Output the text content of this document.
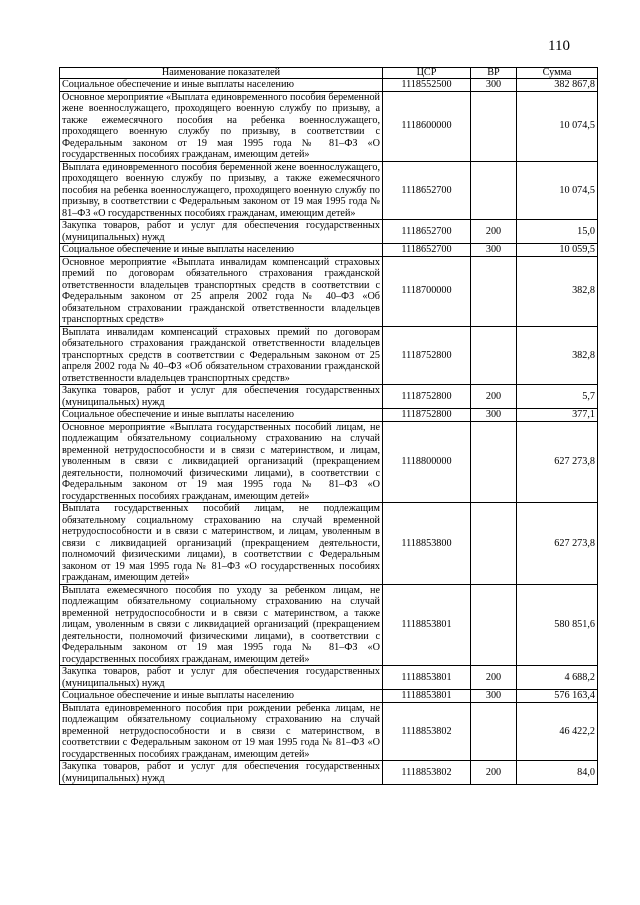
110
Наименование показателей	ЦСР	ВР	Сумма
Социальное обеспечение и иные выплаты населению	1118552500	300	382 867,8
Основное мероприятие «Выплата единовременного пособия беременной жене военнослужащего, проходящего военную службу по призыву, а также ежемесячного пособия на ребенка военнослужащего, проходящего военную службу по призыву, в соответствии с Федеральным законом от 19 мая 1995 года № 81–ФЗ «О государственных пособиях гражданам, имеющим детей»	1118600000		10 074,5
Выплата единовременного пособия беременной жене военнослужащего, проходящего военную службу по призыву, а также ежемесячного пособия на ребенка военнослужащего, проходящего военную службу по призыву, в соответствии с Федеральным законом от 19 мая 1995 года № 81–ФЗ «О государственных пособиях гражданам, имеющим детей»	1118652700		10 074,5
Закупка товаров, работ и услуг для обеспечения государственных (муниципальных) нужд	1118652700	200	15,0
Социальное обеспечение и иные выплаты населению	1118652700	300	10 059,5
Основное мероприятие «Выплата инвалидам компенсаций страховых премий по договорам обязательного страхования гражданской ответственности владельцев транспортных средств в соответствии с Федеральным законом от 25 апреля 2002 года № 40–ФЗ «Об обязательном страховании гражданской ответственности владельцев транспортных средств»	1118700000		382,8
Выплата инвалидам компенсаций страховых премий по договорам обязательного страхования гражданской ответственности владельцев транспортных средств в соответствии с Федеральным законом от 25 апреля 2002 года № 40–ФЗ «Об обязательном страховании гражданской ответственности владельцев транспортных средств»	1118752800		382,8
Закупка товаров, работ и услуг для обеспечения государственных (муниципальных) нужд	1118752800	200	5,7
Социальное обеспечение и иные выплаты населению	1118752800	300	377,1
Основное мероприятие «Выплата государственных пособий лицам, не подлежащим обязательному социальному страхованию на случай временной нетрудоспособности и в связи с материнством, и лицам, уволенным в связи с ликвидацией организаций (прекращением деятельности, полномочий физическими лицами), в соответствии с Федеральным законом от 19 мая 1995 года № 81–ФЗ «О государственных пособиях гражданам, имеющим детей»	1118800000		627 273,8
Выплата государственных пособий лицам, не подлежащим обязательному социальному страхованию на случай временной нетрудоспособности и в связи с материнством, и лицам, уволенным в связи с ликвидацией организаций (прекращением деятельности, полномочий физическими лицами), в соответствии с Федеральным законом от 19 мая 1995 года № 81–ФЗ «О государственных пособиях гражданам, имеющим детей»	1118853800		627 273,8
Выплата ежемесячного пособия по уходу за ребенком лицам, не подлежащим обязательному социальному страхованию на случай временной нетрудоспособности и в связи с материнством, а также лицам, уволенным в связи с ликвидацией организаций (прекращением деятельности, полномочий физическими лицами), в соответствии с Федеральным законом от 19 мая 1995 года № 81–ФЗ «О государственных пособиях гражданам, имеющим детей»	1118853801		580 851,6
Закупка товаров, работ и услуг для обеспечения государственных (муниципальных) нужд	1118853801	200	4 688,2
Социальное обеспечение и иные выплаты населению	1118853801	300	576 163,4
Выплата единовременного пособия при рождении ребенка лицам, не подлежащим обязательному социальному страхованию на случай временной нетрудоспособности и в связи с материнством, в соответствии с Федеральным законом от 19 мая 1995 года № 81–ФЗ «О государственных пособиях гражданам, имеющим детей»	1118853802		46 422,2
Закупка товаров, работ и услуг для обеспечения государственных (муниципальных) нужд	1118853802	200	84,0
